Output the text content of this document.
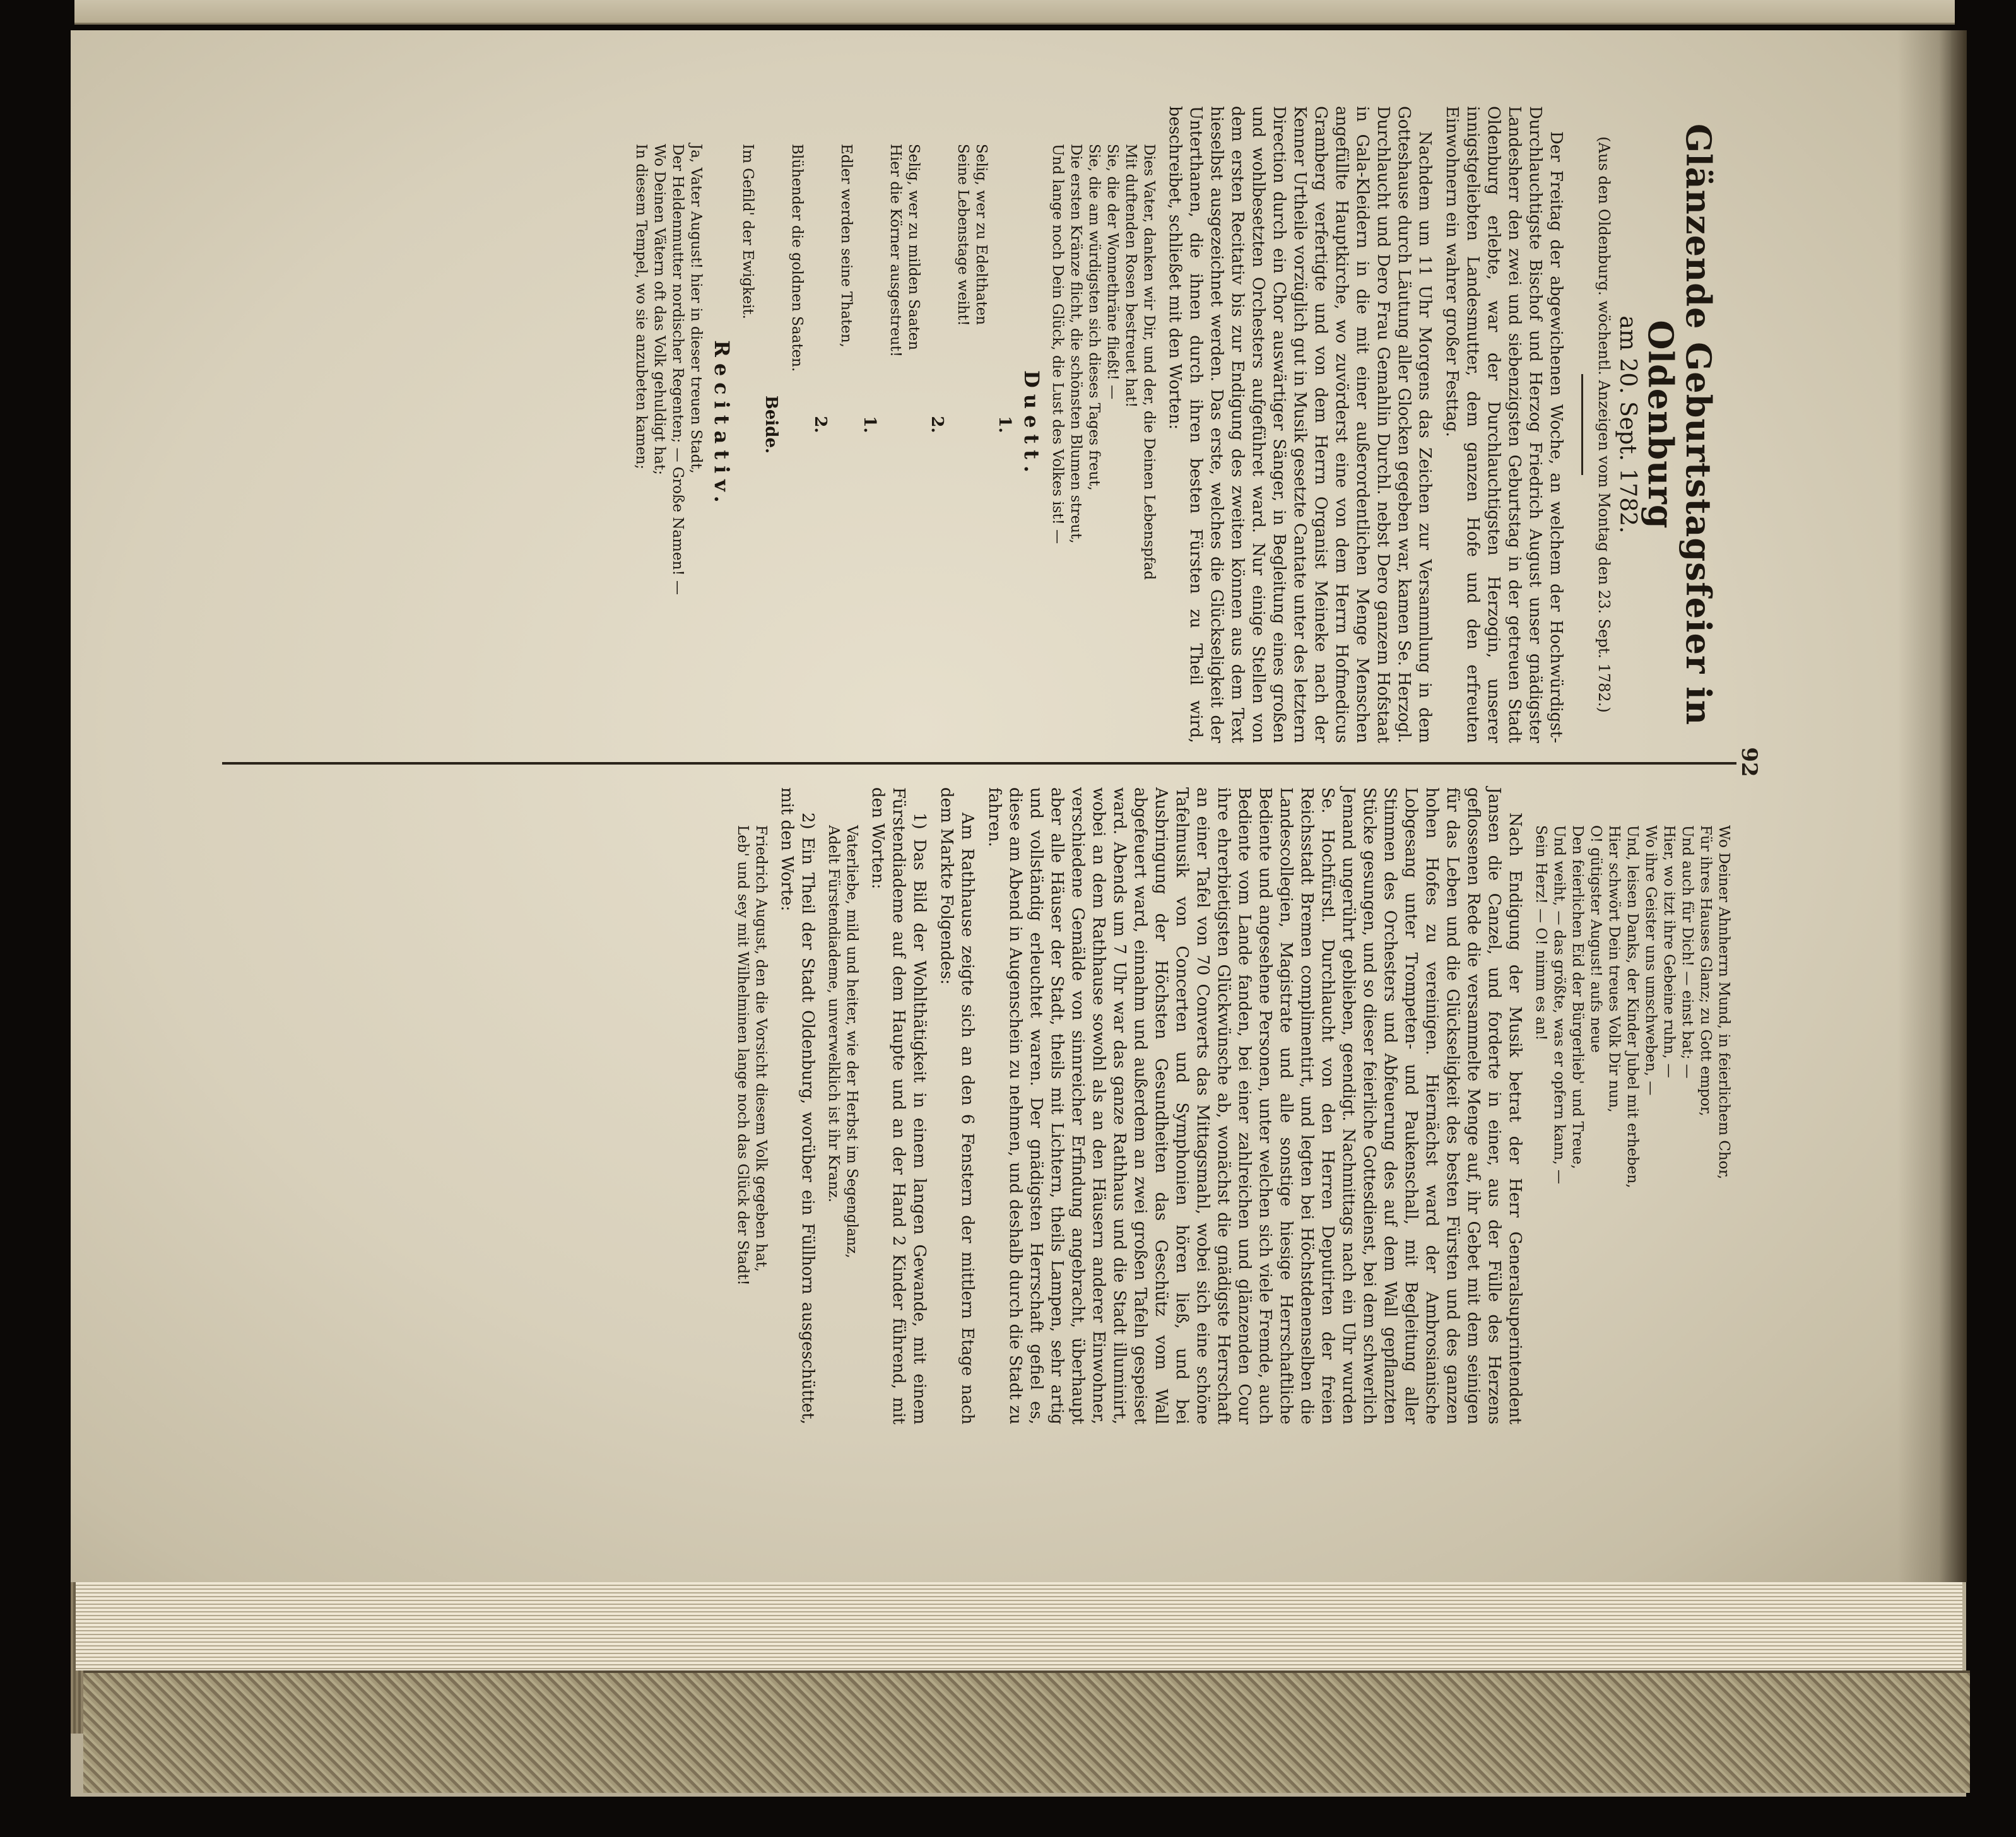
92
Glänzende Geburtstagsfeier in Oldenburg
am 20. Sept. 1782.
(Aus den Oldenburg. wöchentl. Anzeigen vom Montag den 23. Sept. 1782.)

Der Freitag der abgewichenen Woche, an welchem der Hochwürdigst-Durchlauchtigste Bischof und Herzog Friedrich August unser gnädigster Landesherr den zwei und siebenzigsten Geburtstag in der getreuen Stadt Oldenburg erlebte, war der Durchlauchtigsten Herzogin, unserer innigstgeliebten Landesmutter, dem ganzen Hofe und den erfreuten Einwohnern ein wahrer großer Festtag.

Nachdem um 11 Uhr Morgens das Zeichen zur Versammlung in dem Gotteshause durch Läutung aller Glocken gegeben war, kamen Se. Herzogl. Durchlaucht und Dero Frau Gemahlin Durchl. nebst Dero ganzem Hofstaat in Gala-Kleidern in die mit einer außerordentlichen Menge Menschen angefüllte Hauptkirche, wo zuvörderst eine von dem Herrn Hofmedicus Gramberg verfertigte und von dem Herrn Organist Meineke nach der Kenner Urtheile vorzüglich gut in Musik gesetzte Cantate unter des letztern Direction durch ein Chor auswärtiger Sänger, in Begleitung eines großen und wohlbesetzten Orchesters aufgeführet ward. Nur einige Stellen von dem ersten Recitativ bis zur Endigung des zweiten können aus dem Text hieselbst ausgezeichnet werden. Das erste, welches die Glückseligkeit der Unterthanen, die ihnen durch ihren besten Fürsten zu Theil wird, beschreibet, schließet mit den Worten:

Dies Vater, danken wir Dir, und der, die Deinen Lebenspfad
Mit duftenden Rosen bestreuet hat!
Sie, die der Wonnethräne fließt! —
Sie, die am würdigsten sich dieses Tages freut,
Die ersten Kränze flicht, die schönsten Blumen streut,
Und lange noch Dein Glück, die Lust des Volkes ist! —
Duett.
1.
Selig, wer zu Edelthaten
Seine Lebenstage weiht!
2.
Selig, wer zu milden Saaten
Hier die Körner ausgestreut!
1.
Edler werden seine Thaten,
2.
Blühender die goldnen Saaten.
Beide.
Im Gefild' der Ewigkeit.
Recitativ.
Ja, Vater August! hier in dieser treuen Stadt,
Der Heldenmutter nordischer Regenten; — Große Namen! —
Wo Deinen Vätern oft das Volk gehuldigt hat;
In diesem Tempel, wo sie anzubeten kamen;
Wo Deiner Ahnherrn Mund, in feierlichem Chor,
Für ihres Hauses Glanz; zu Gott empor,
Und auch für Dich! — einst bat; —
Hier, wo itzt ihre Gebeine ruhn, —
Wo ihre Geister uns umschweben, —
Und, leisen Danks, der Kinder Jubel mit erheben,
Hier schwört Dein treues Volk Dir nun,
O! gütigster August! aufs neue
Den feierlichen Eid der Bürgerlieb' und Treue,
Und weiht, — das größte, was er opfern kann, —
Sein Herz! — O! nimm es an!

Nach Endigung der Musik betrat der Herr Generalsuperintendent Jansen die Canzel, und forderte in einer, aus der Fülle des Herzens geflossenen Rede die versammelte Menge auf, ihr Gebet mit dem seinigen für das Leben und die Glückseligkeit des besten Fürsten und des ganzen hohen Hofes zu vereinigen. Hiernächst ward der Ambrosianische Lobgesang unter Trompeten- und Paukenschall, mit Begleitung aller Stimmen des Orchesters und Abfeuerung des auf dem Wall gepflanzten Stücke gesungen, und so dieser feierliche Gottesdienst, bei dem schwerlich Jemand ungerührt geblieben, geendigt. Nachmittags nach ein Uhr wurden Se. Hochfürstl. Durchlaucht von den Herren Deputirten der freien Reichsstadt Bremen complimentirt, und legten bei Höchstdenenselben die Landescollegien, Magistrate und alle sonstige hiesige Herrschaftliche Bediente und angesehene Personen, unter welchen sich viele Fremde, auch Bediente vom Lande fanden, bei einer zahlreichen und glänzenden Cour ihre ehrerbietigsten Glückwünsche ab, wonächst die gnädigste Herrschaft an einer Tafel von 70 Converts das Mittagsmahl, wobei sich eine schöne Tafelmusik von Concerten und Symphonien hören ließ, und bei Ausbringung der Höchsten Gesundheiten das Geschütz vom Wall abgefeuert ward, einnahm und außerdem an zwei großen Tafeln gespeiset ward. Abends um 7 Uhr war das ganze Rathhaus und die Stadt illuminirt, wobei an dem Rathhause sowohl als an den Häusern anderer Einwohner, verschiedene Gemälde von sinnreicher Erfindung angebracht, überhaupt aber alle Häuser der Stadt, theils mit Lichtern, theils Lampen, sehr artig und vollständig erleuchtet waren. Der gnädigsten Herrschaft gefiel es, diese am Abend in Augenschein zu nehmen, und deshalb durch die Stadt zu fahren.

Am Rathhause zeigte sich an den 6 Fenstern der mittlern Etage nach dem Markte Folgendes:

1) Das Bild der Wohlthätigkeit in einem langen Gewande, mit einem Fürstendiademe auf dem Haupte und an der Hand 2 Kinder führend, mit den Worten:

Vaterliebe, mild und heiter, wie der Herbst im Segenglanz,
Adelt Fürstendiademe, unverwelklich ist ihr Kranz.

2) Ein Theil der Stadt Oldenburg, worüber ein Füllhorn ausgeschüttet, mit den Worte:

Friedrich August, den die Vorsicht diesem Volk gegeben hat,
Leb' und sey mit Wilhelminen lange noch das Glück der Stadt!
